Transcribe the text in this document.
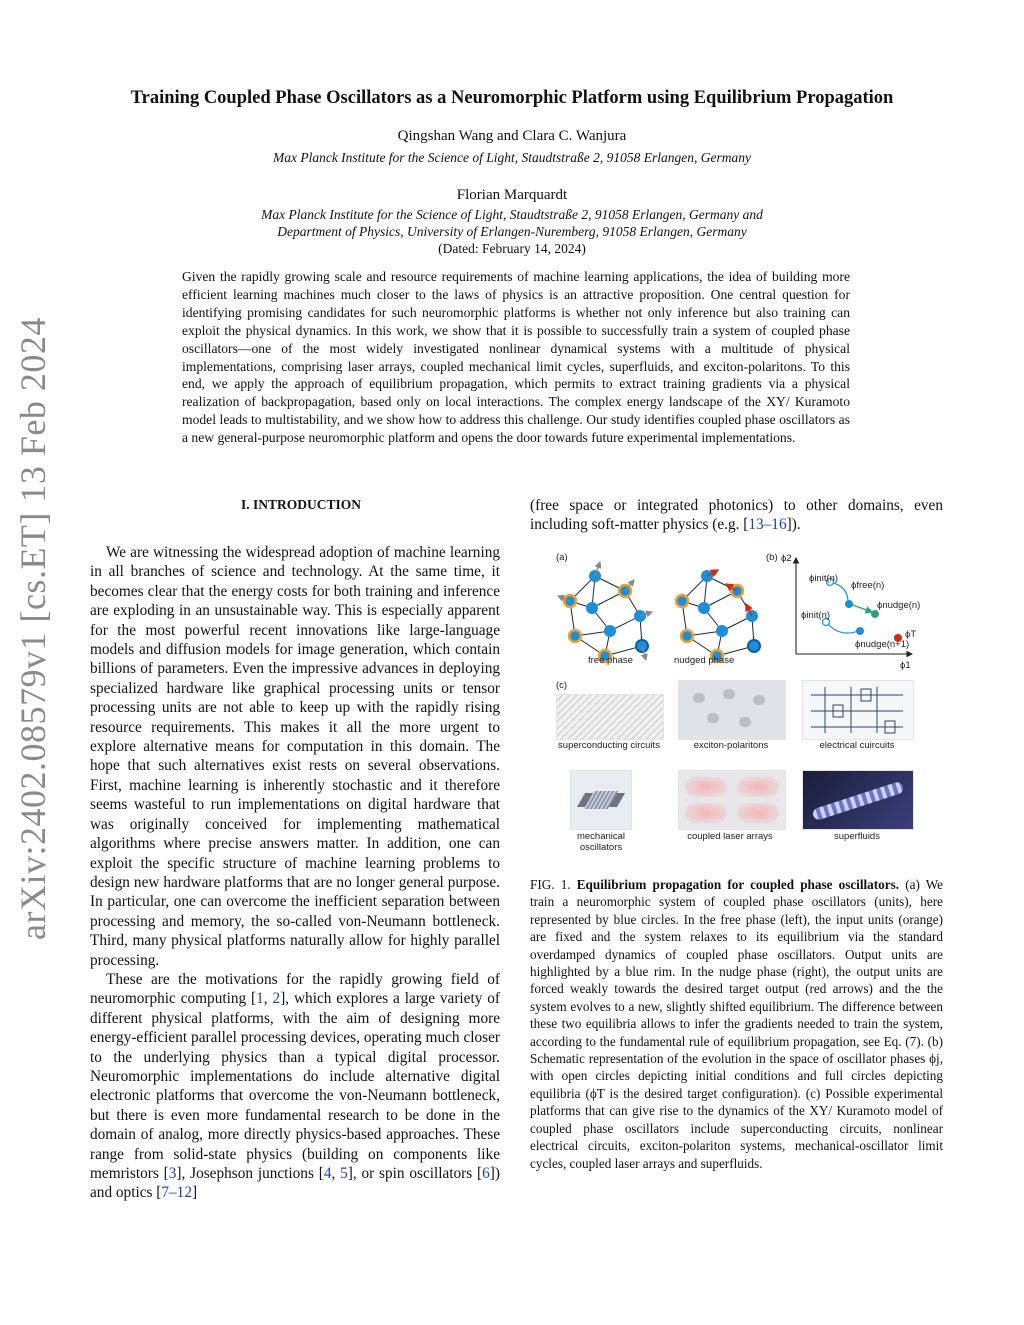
arXiv:2402.08579v1 [cs.ET] 13 Feb 2024
Training Coupled Phase Oscillators as a Neuromorphic Platform using Equilibrium Propagation
Qingshan Wang and Clara C. Wanjura
Max Planck Institute for the Science of Light, Staudtstraße 2, 91058 Erlangen, Germany
Florian Marquardt
Max Planck Institute for the Science of Light, Staudtstraße 2, 91058 Erlangen, Germany and
Department of Physics, University of Erlangen-Nuremberg, 91058 Erlangen, Germany
(Dated: February 14, 2024)
Given the rapidly growing scale and resource requirements of machine learning applications, the idea of building more efficient learning machines much closer to the laws of physics is an attractive proposition. One central question for identifying promising candidates for such neuromorphic platforms is whether not only inference but also training can exploit the physical dynamics. In this work, we show that it is possible to successfully train a system of coupled phase oscillators—one of the most widely investigated nonlinear dynamical systems with a multitude of physical implementations, comprising laser arrays, coupled mechanical limit cycles, superfluids, and exciton-polaritons. To this end, we apply the approach of equilibrium propagation, which permits to extract training gradients via a physical realization of backpropagation, based only on local interactions. The complex energy landscape of the XY/ Kuramoto model leads to multistability, and we show how to address this challenge. Our study identifies coupled phase oscillators as a new general-purpose neuromorphic platform and opens the door towards future experimental implementations.
I. INTRODUCTION

We are witnessing the widespread adoption of machine learning in all branches of science and technology. At the same time, it becomes clear that the energy costs for both training and inference are exploding in an unsustainable way. This is especially apparent for the most powerful recent innovations like large-language models and diffusion models for image generation, which contain billions of parameters. Even the impressive advances in deploying specialized hardware like graphical processing units or tensor processing units are not able to keep up with the rapidly rising resource requirements. This makes it all the more urgent to explore alternative means for computation in this domain. The hope that such alternatives exist rests on several observations. First, machine learning is inherently stochastic and it therefore seems wasteful to run implementations on digital hardware that was originally conceived for implementing mathematical algorithms where precise answers matter. In addition, one can exploit the specific structure of machine learning problems to design new hardware platforms that are no longer general purpose. In particular, one can overcome the inefficient separation between processing and memory, the so-called von-Neumann bottleneck. Third, many physical platforms naturally allow for highly parallel processing.

These are the motivations for the rapidly growing field of neuromorphic computing [1, 2], which explores a large variety of different physical platforms, with the aim of designing more energy-efficient parallel processing devices, operating much closer to the underlying physics than a typical digital processor. Neuromorphic implementations do include alternative digital electronic platforms that overcome the von-Neumann bottleneck, but there is even more fundamental research to be done in the domain of analog, more directly physics-based approaches. These range from solid-state physics (building on components like memristors [3], Josephson junctions [4, 5], or spin oscillators [6]) and optics [7–12]

(free space or integrated photonics) to other domains, even including soft-matter physics (e.g. [13–16]).
(a)
free phase	nudged phase
(b) ϕ2
ϕ1
ϕinit(n)
ϕfree(n)
ϕnudge(n)
ϕinit(n)
ϕT
ϕnudge(n+1)
(c)
superconducting circuits	exciton-polaritons	electrical cuircuits
mechanical oscillators
coupled laser arrays	superfluids
FIG. 1. Equilibrium propagation for coupled phase oscillators. (a) We train a neuromorphic system of coupled phase oscillators (units), here represented by blue circles. In the free phase (left), the input units (orange) are fixed and the system relaxes to its equilibrium via the standard overdamped dynamics of coupled phase oscillators. Output units are highlighted by a blue rim. In the nudge phase (right), the output units are forced weakly towards the desired target output (red arrows) and the the system evolves to a new, slightly shifted equilibrium. The difference between these two equilibria allows to infer the gradients needed to train the system, according to the fundamental rule of equilibrium propagation, see Eq. (7). (b) Schematic representation of the evolution in the space of oscillator phases ϕj, with open circles depicting initial conditions and full circles depicting equilibria (ϕT is the desired target configuration). (c) Possible experimental platforms that can give rise to the dynamics of the XY/ Kuramoto model of coupled phase oscillators include superconducting circuits, nonlinear electrical circuits, exciton-polariton systems, mechanical-oscillator limit cycles, coupled laser arrays and superfluids.
